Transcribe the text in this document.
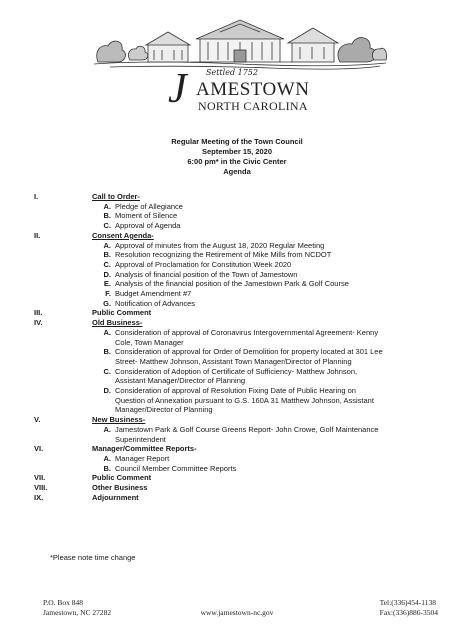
Settled 1752
J AMESTOWN
NORTH CAROLINA
Regular Meeting of the Town Council
September 15, 2020
6:00 pm* in the Civic Center
Agenda
I.	Call to Order-
A. Pledge of Allegiance
B. Moment of Silence
C. Approval of Agenda
II.	Consent Agenda-
A. Approval of minutes from the August 18, 2020 Regular Meeting
B. Resolution recognizing the Retirement of Mike Mills from NCDOT
C. Approval of Proclamation for Constitution Week 2020
D. Analysis of financial position of the Town of Jamestown
E. Analysis of the financial position of the Jamestown Park & Golf Course
F. Budget Amendment #7
G. Notification of Advances
III.	Public Comment
IV.	Old Business-
A. Consideration of approval of Coronavirus Intergovernmental Agreement- Kenny Cole, Town Manager
B. Consideration of approval for Order of Demolition for property located at 301 Lee Street- Matthew Johnson, Assistant Town Manager/Director of Planning
C. Consideration of Adoption of Certificate of Sufficiency- Matthew Johnson, Assistant Manager/Director of Planning
D. Consideration of approval of Resolution Fixing Date of Public Hearing on Question of Annexation pursuant to G.S. 160A 31 Matthew Johnson, Assistant Manager/Director of Planning
V.	New Business-
A. Jamestown Park & Golf Course Greens Report- John Crowe, Golf Maintenance Superintendent
VI.	Manager/Committee Reports-
A. Manager Report
B. Council Member Committee Reports
VII.	Public Comment
VIII.	Other Business
IX.	Adjournment
*Please note time change
P.O. Box 848
Jamestown, NC 27282	www.jamestown-nc.gov
Tel:(336)454-1138
Fax:(336)886-3504
